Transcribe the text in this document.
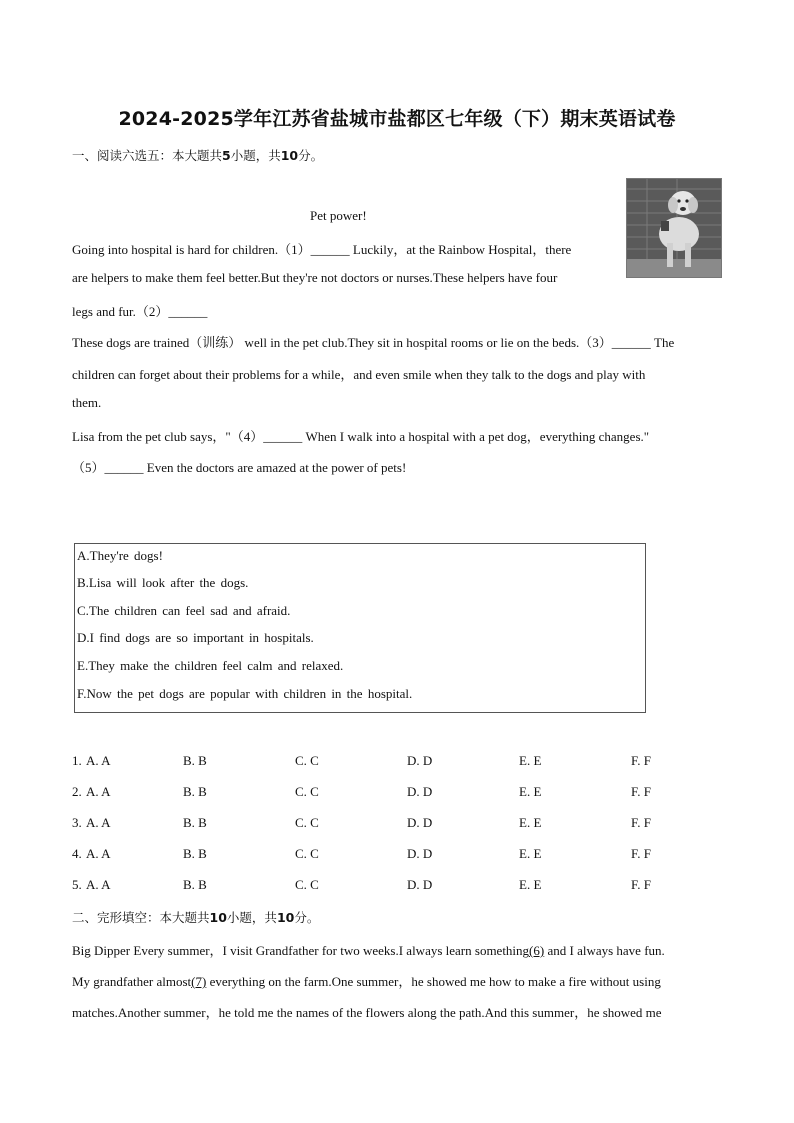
2024-2025学年江苏省盐城市盐都区七年级（下）期末英语试卷
一、阅读六选五：本大题共5小题，共10分。
Pet power!
Going into hospital is hard for children.（1）______ Luckily，at the Rainbow Hospital，there
are helpers to make them feel better.But they're not doctors or nurses.These helpers have four
legs and fur.（2）______
These dogs are trained（训练） well in the pet club.They sit in hospital rooms or lie on the beds.（3）______ The
children can forget about their problems for a while，and even smile when they talk to the dogs and play with
them.
Lisa from the pet club says，"（4）______ When I walk into a hospital with a pet dog，everything changes."
（5）______ Even the doctors are amazed at the power of pets!
A.They're dogs!
B.Lisa will look after the dogs.
C.The children can feel sad and afraid.
D.I find dogs are so important in hospitals.
E.They make the children feel calm and relaxed.
F.Now the pet dogs are popular with children in the hospital.
1. A. A	B. B	C. C	D. D	E. E	F. F
2. A. A	B. B	C. C	D. D	E. E	F. F
3. A. A	B. B	C. C	D. D	E. E	F. F
4. A. A	B. B	C. C	D. D	E. E	F. F
5. A. A	B. B	C. C	D. D	E. E	F. F
二、完形填空：本大题共10小题，共10分。
Big Dipper Every summer，I visit Grandfather for two weeks.I always learn something(6) and I always have fun.
My grandfather almost(7) everything on the farm.One summer，he showed me how to make a fire without using
matches.Another summer，he told me the names of the flowers along the path.And this summer，he showed me
